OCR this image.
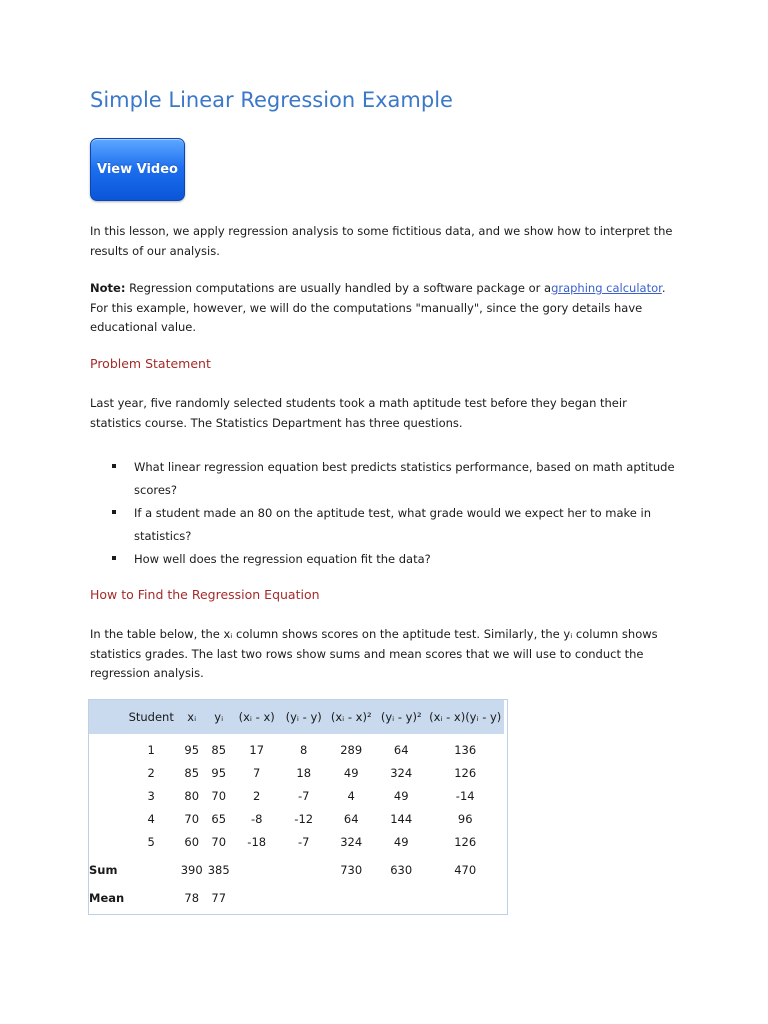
Simple Linear Regression Example
View Video

In this lesson, we apply regression analysis to some fictitious data, and we show how to interpret the results of our analysis.

Note: Regression computations are usually handled by a software package or agraphing calculator. For this example, however, we will do the computations "manually", since the gory details have educational value.

Problem Statement

Last year, five randomly selected students took a math aptitude test before they began their statistics course. The Statistics Department has three questions.

What linear regression equation best predicts statistics performance, based on math aptitude scores?
If a student made an 80 on the aptitude test, what grade would we expect her to make in statistics?
How well does the regression equation fit the data?
How to Find the Regression Equation

In the table below, the xᵢ column shows scores on the aptitude test. Similarly, the yᵢ column shows statistics grades. The last two rows show sums and mean scores that we will use to conduct the regression analysis.

	Student	xᵢ	yᵢ	(xᵢ - x)	(yᵢ - y)	(xᵢ - x)²	(yᵢ - y)²	(xᵢ - x)(yᵢ - y)
	1	95	85	17	8	289	64	136
	2	85	95	7	18	49	324	126
	3	80	70	2	-7	4	49	-14
	4	70	65	-8	-12	64	144	96
	5	60	70	-18	-7	324	49	126
Sum		390	385			730	630	470
Mean		78	77					
